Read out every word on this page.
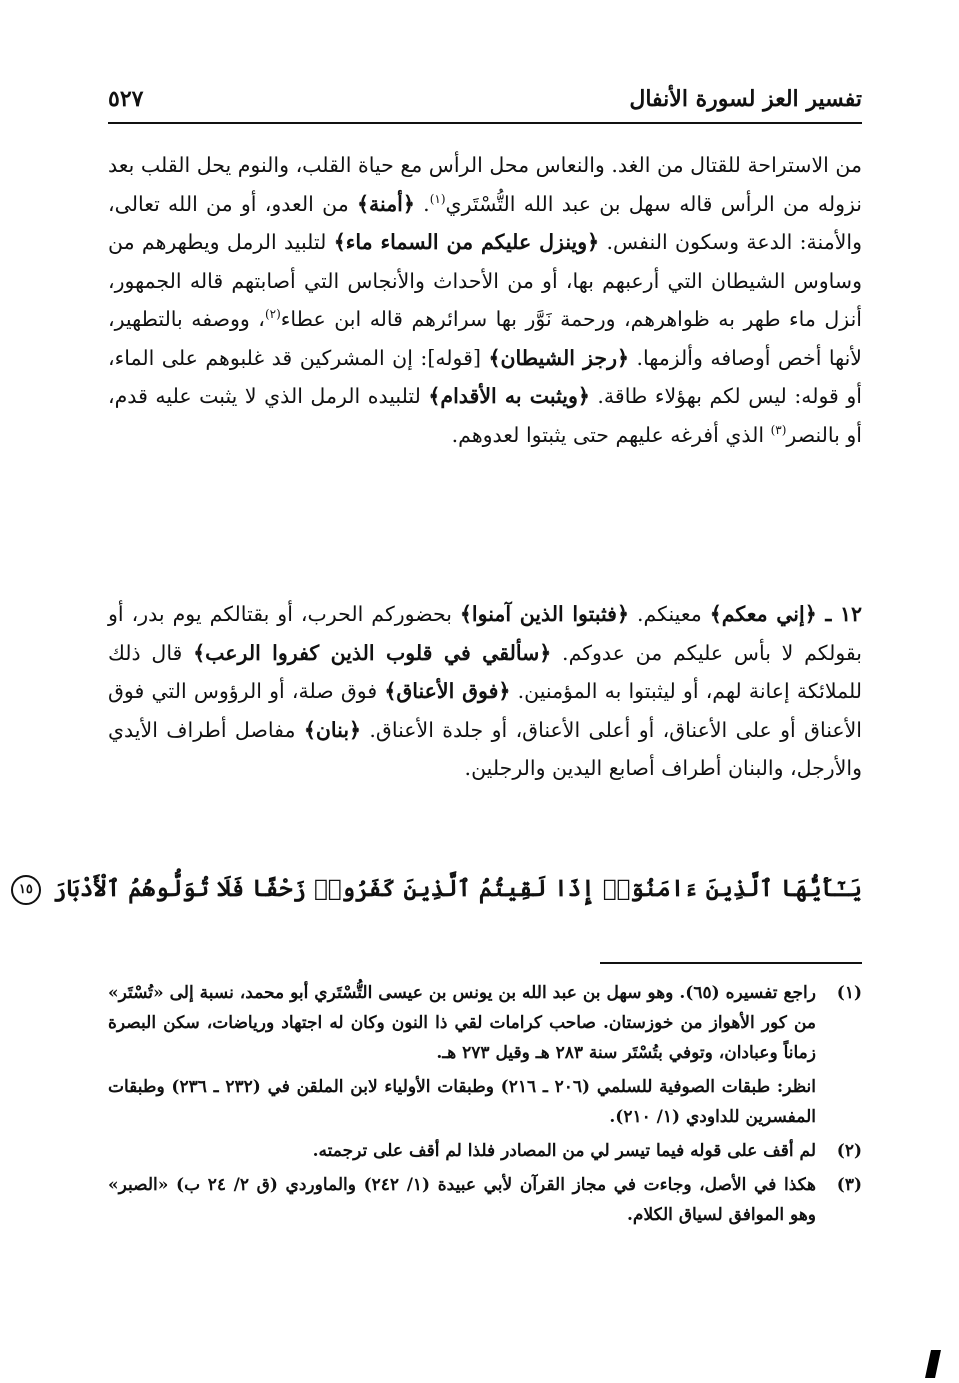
تفسير العز لسورة الأنفال
٥٢٧
من الاستراحة للقتال من الغد. والنعاس محل الرأس مع حياة القلب، والنوم يحل القلب بعد نزوله من الرأس قاله سهل بن عبد الله التُّسْتَري$^{(١)}$. ﴿أمنة﴾ من العدو، أو من الله تعالى، والأمنة: الدعة وسكون النفس. ﴿وينزل عليكم من السماء ماء﴾ لتلبيد الرمل ويطهرهم من وساوس الشيطان التي أرعبهم بها، أو من الأحداث والأنجاس التي أصابتهم قاله الجمهور، أنزل ماء طهر به ظواهرهم، ورحمة نَوَّر بها سرائرهم قاله ابن عطاء$^{(٢)}$، ووصفه بالتطهير، لأنها أخص أوصافه وألزمها. ﴿رجز الشيطان﴾ [قوله]: إن المشركين قد غلبوهم على الماء، أو قوله: ليس لكم بهؤلاء طاقة. ﴿ويثبت به الأقدام﴾ لتلبيده الرمل الذي لا يثبت عليه قدم، أو بالنصر$^{(٣)}$ الذي أفرغه عليهم حتى يثبتوا لعدوهم.
١٢ ـ ﴿إني معكم﴾ معينكم. ﴿فثبتوا الذين آمنوا﴾ بحضوركم الحرب، أو بقتالكم يوم بدر، أو بقولكم لا بأس عليكم من عدوكم. ﴿سألقي في قلوب الذين كفروا الرعب﴾ قال ذلك للملائكة إعانة لهم، أو ليثبتوا به المؤمنين. ﴿فوق الأعناق﴾ فوق صلة، أو الرؤوس التي فوق الأعناق أو على الأعناق، أو أعلى الأعناق، أو جلدة الأعناق. ﴿بنان﴾ مفاصل أطراف الأيدي والأرجل، والبنان أطراف أصابع اليدين والرجلين.
يَـٰٓأَيُّهَا ٱلَّذِينَ ءَامَنُوٓا۟ إِذَا لَقِيتُمُ ٱلَّذِينَ كَفَرُوا۟ زَحْفًا فَلَا تُوَلُّوهُمُ ٱلْأَدْبَارَ ١٥
(١)
راجع تفسيره (٦٥). وهو سهل بن عبد الله بن يونس بن عيسى التُّسْتَري أبو محمد، نسبة إلى «تُسْتَر» من كور الأهواز من خوزستان. صاحب كرامات لقي ذا النون وكان له اجتهاد ورياضات، سكن البصرة زماناً وعبادان، وتوفي بتُسْتَر سنة ٢٨٣ هـ وقيل ٢٧٣ هـ.
انظر: طبقات الصوفية للسلمي (٢٠٦ ـ ٢١٦) وطبقات الأولياء لابن الملقن في (٢٣٢ ـ ٢٣٦) وطبقات المفسرين للداودي (١/ ٢١٠).
(٢)
لم أقف على قوله فيما تيسر لي من المصادر فلذا لم أقف على ترجمته.
(٣)
هكذا في الأصل، وجاءت في مجاز القرآن لأبي عبيدة (١/ ٢٤٢) والماوردي (ق ٢/ ٢٤ ب) «الصبر» وهو الموافق لسياق الكلام.
